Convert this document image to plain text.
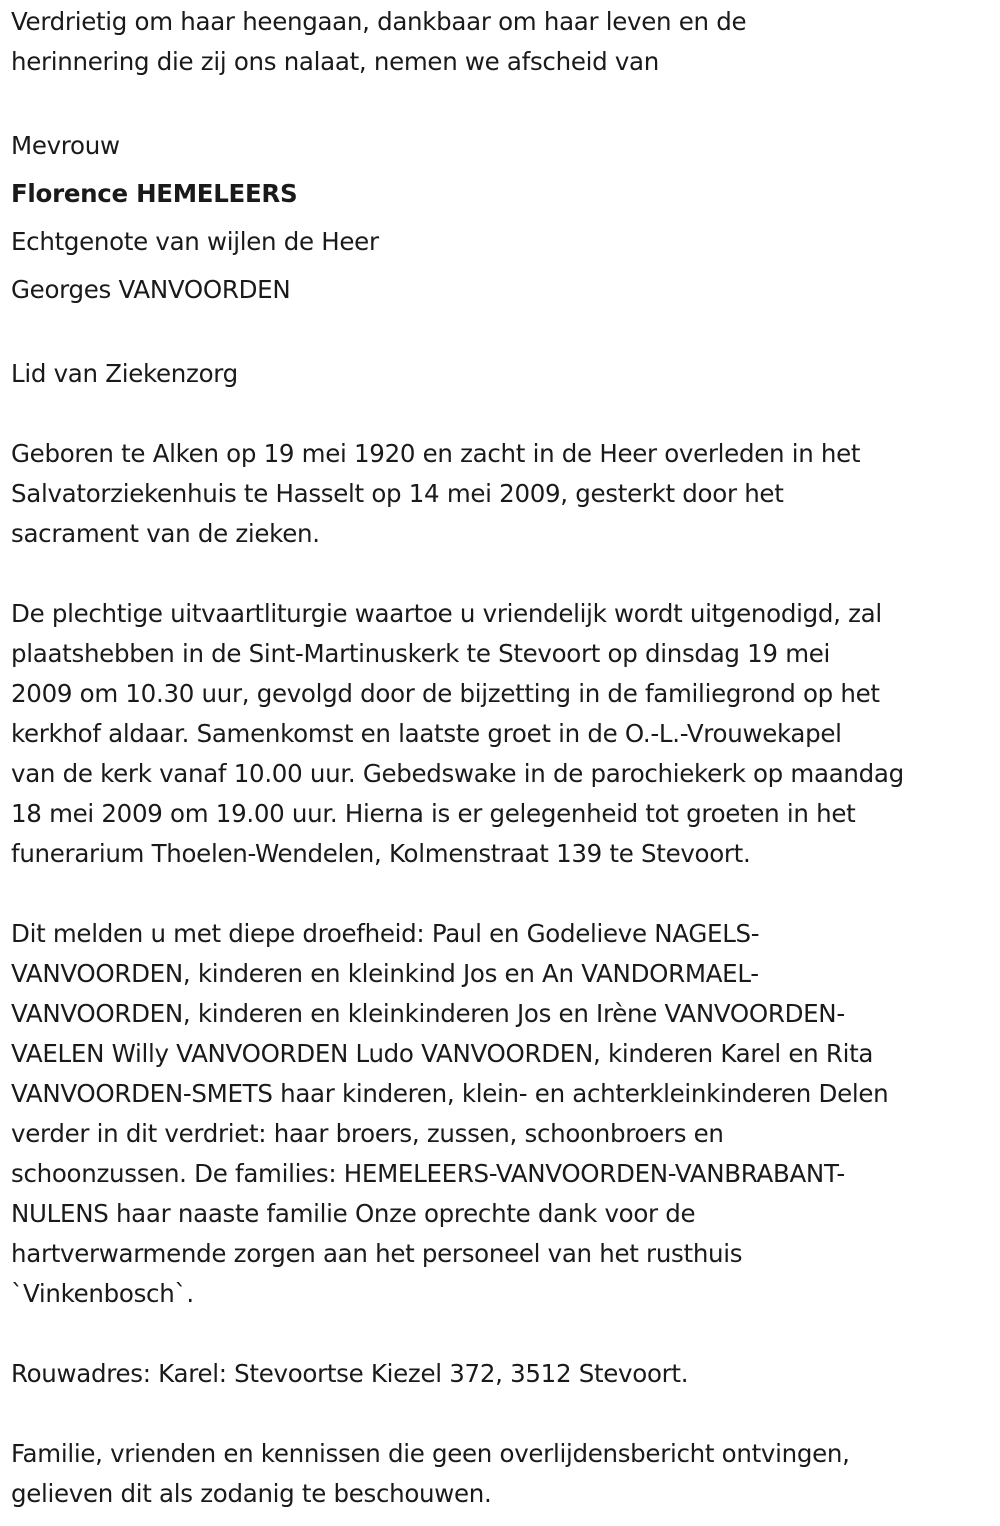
Verdrietig om haar heengaan, dankbaar om haar leven en de
herinnering die zij ons nalaat, nemen we afscheid van
Mevrouw
Florence HEMELEERS
Echtgenote van wijlen de Heer
Georges VANVOORDEN
Lid van Ziekenzorg
Geboren te Alken op 19 mei 1920 en zacht in de Heer overleden in het
Salvatorziekenhuis te Hasselt op 14 mei 2009, gesterkt door het
sacrament van de zieken.
De plechtige uitvaartliturgie waartoe u vriendelijk wordt uitgenodigd, zal
plaatshebben in de Sint-Martinuskerk te Stevoort op dinsdag 19 mei
2009 om 10.30 uur, gevolgd door de bijzetting in de familiegrond op het
kerkhof aldaar. Samenkomst en laatste groet in de O.-L.-Vrouwekapel
van de kerk vanaf 10.00 uur. Gebedswake in de parochiekerk op maandag
18 mei 2009 om 19.00 uur. Hierna is er gelegenheid tot groeten in het
funerarium Thoelen-Wendelen, Kolmenstraat 139 te Stevoort.
Dit melden u met diepe droefheid: Paul en Godelieve NAGELS-
VANVOORDEN, kinderen en kleinkind Jos en An VANDORMAEL-
VANVOORDEN, kinderen en kleinkinderen Jos en Irène VANVOORDEN-
VAELEN Willy VANVOORDEN Ludo VANVOORDEN, kinderen Karel en Rita
VANVOORDEN-SMETS haar kinderen, klein- en achterkleinkinderen Delen
verder in dit verdriet: haar broers, zussen, schoonbroers en
schoonzussen. De families: HEMELEERS-VANVOORDEN-VANBRABANT-
NULENS haar naaste familie Onze oprechte dank voor de
hartverwarmende zorgen aan het personeel van het rusthuis
`Vinkenbosch`.
Rouwadres: Karel: Stevoortse Kiezel 372, 3512 Stevoort.
Familie, vrienden en kennissen die geen overlijdensbericht ontvingen,
gelieven dit als zodanig te beschouwen.
